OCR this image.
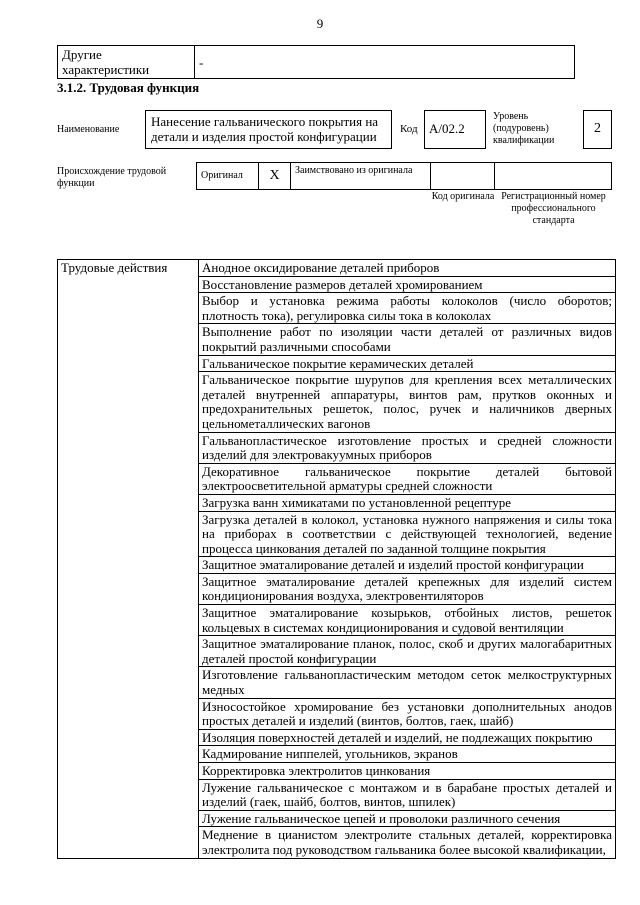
9
Другие характеристики	-
3.1.2. Трудовая функция
Наименование
Нанесение гальванического покрытия на детали и изделия простой конфигурации	Код A/02.2
Уровень (подуровень) квалификации
2
Происхождение трудовой функции
Оригинал	X	Заимствовано из оригинала		
Код оригинала Регистрационный номер профессионального стандарта
Трудовые действия	Анодное оксидирование деталей приборов
Восстановление размеров деталей хромированием
Выбор и установка режима работы колоколов (число оборотов; плотность тока), регулировка силы тока в колоколах
Выполнение работ по изоляции части деталей от различных видов покрытий различными способами
Гальваническое покрытие керамических деталей
Гальваническое покрытие шурупов для крепления всех металлических деталей внутренней аппаратуры, винтов рам, прутков оконных и предохранительных решеток, полос, ручек и наличников дверных цельнометаллических вагонов
Гальванопластическое изготовление простых и средней сложности изделий для электровакуумных приборов
Декоративное гальваническое покрытие деталей бытовой электроосветительной арматуры средней сложности
Загрузка ванн химикатами по установленной рецептуре
Загрузка деталей в колокол, установка нужного напряжения и силы тока на приборах в соответствии с действующей технологией, ведение процесса цинкования деталей по заданной толщине покрытия
Защитное эматалирование деталей и изделий простой конфигурации
Защитное эматалирование деталей крепежных для изделий систем кондиционирования воздуха, электровентиляторов
Защитное эматалирование козырьков, отбойных листов, решеток кольцевых в системах кондиционирования и судовой вентиляции
Защитное эматалирование планок, полос, скоб и других малогабаритных деталей простой конфигурации
Изготовление гальванопластическим методом сеток мелкоструктурных медных
Износостойкое хромирование без установки дополнительных анодов простых деталей и изделий (винтов, болтов, гаек, шайб)
Изоляция поверхностей деталей и изделий, не подлежащих покрытию
Кадмирование ниппелей, угольников, экранов
Корректировка электролитов цинкования
Лужение гальваническое с монтажом и в барабане простых деталей и изделий (гаек, шайб, болтов, винтов, шпилек)
Лужение гальваническое цепей и проволоки различного сечения
Меднение в цианистом электролите стальных деталей, корректировка электролита под руководством гальваника более высокой квалификации,
